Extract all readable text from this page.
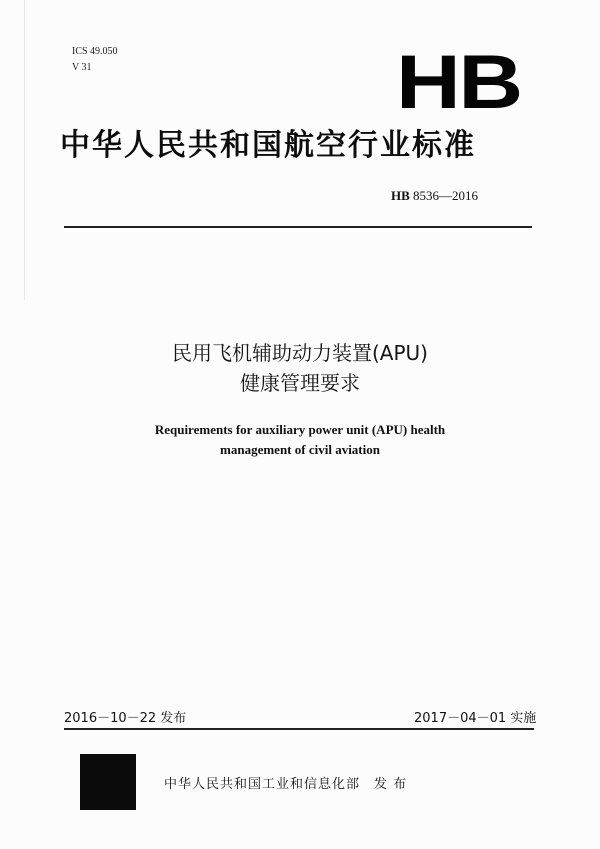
ICS 49.050
V 31	HB
中华人民共和国航空行业标准
HB 8536—2016
民用飞机辅助动力装置(APU)
健康管理要求
Requirements for auxiliary power unit (APU) health
management of civil aviation
2016－10－22 发布	2017－04－01 实施
中华人民共和国工业和信息化部　发 布
